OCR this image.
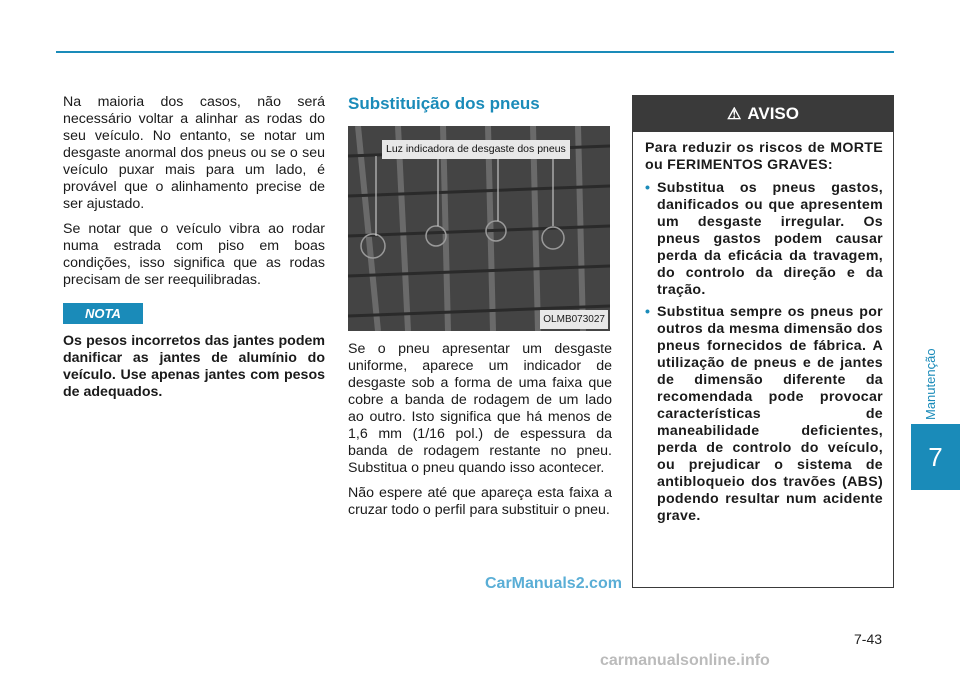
Na maioria dos casos, não será necessário voltar a alinhar as rodas do seu veículo. No entanto, se notar um desgaste anormal dos pneus ou se o seu veículo puxar mais para um lado, é provável que o alinhamento precise de ser ajustado.

Se notar que o veículo vibra ao rodar numa estrada com piso em boas condições, isso significa que as rodas precisam de ser reequilibradas.

NOTA

Os pesos incorretos das jantes podem danificar as jantes de alumínio do veículo. Use apenas jantes com pesos de adequados.

Substituição dos pneus
Luz indicadora de desgaste dos pneus
OLMB073027

Se o pneu apresentar um desgaste uniforme, aparece um indicador de desgaste sob a forma de uma faixa que cobre a banda de rodagem de um lado ao outro. Isto significa que há menos de 1,6 mm (1/16 pol.) de espessura da banda de rodagem restante no pneu. Substitua o pneu quando isso acontecer.

Não espere até que apareça esta faixa a cruzar todo o perfil para substituir o pneu.

⚠ AVISO

Para reduzir os riscos de MORTE ou FERIMENTOS GRAVES:

• Substitua os pneus gastos, danificados ou que apresentem um desgaste irregular. Os pneus gastos podem causar perda da eficácia da travagem, do controlo da direção e da tração.
• Substitua sempre os pneus por outros da mesma dimensão dos pneus fornecidos de fábrica. A utilização de pneus e de jantes de dimensão diferente da recomendada pode provocar características de maneabilidade deficientes, perda de controlo do veículo, ou prejudicar o sistema de antibloqueio dos travões (ABS) podendo resultar num acidente grave.
Manutenção
7
CarManuals2.com
7-43
carmanualsonline.info
